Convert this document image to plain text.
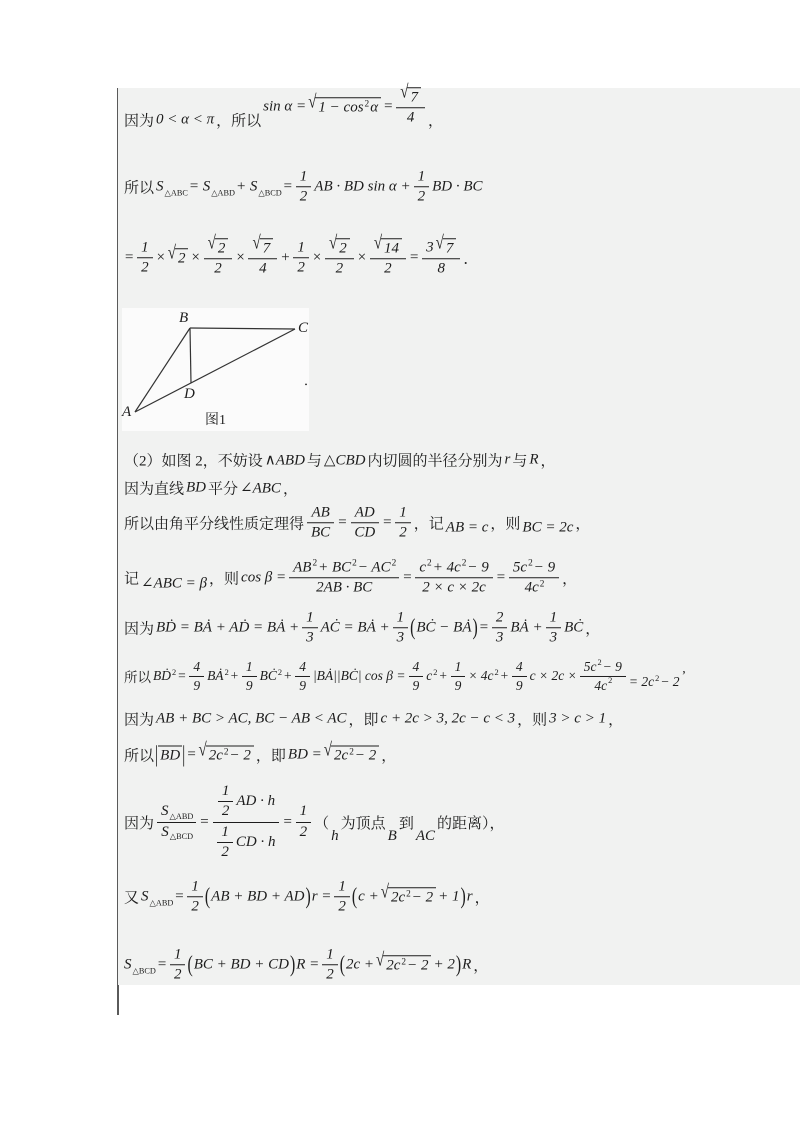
因为 0 < α < π ，所以
sin α = √ 1 − cos 2 $\alpha = \frac{√ 7}{4}$ ，
所以 S △ABC = S △ABD + S △BCD = $\frac{1}{2}$ AB · BD $\sin \alpha + \frac{1}{2}$ BD · BC
= $\frac{1}{2}$ × √ $2 \times \frac{√ 2}{2} \times \frac{√ 7}{4} + \frac{1}{2} \times \frac{√ 2}{2} \times \frac{√ 14}{2} = \frac{3 √ 7}{8}$ ．
A
B
C
D
图1
．
（2）如图 2，不妨设 ∧ABD 与 △CBD 内切圆的半径分别为 r 与 R ，
因为直线 BD 平分 ∠ABC ，
所以由角平分线性质定理得 $\frac{AB}{BC} = \frac{AD}{CD} = \frac{1}{2}$ ，记 AB = c ，则 BC = 2c ，
记 ∠ABC = β ，则 $\cos \beta = \frac{AB 2 + BC 2 - AC 2}{2AB \cdot BC} = \frac{c 2 + 4c 2 - 9}{2 \times c \times 2c} = \frac{5c 2 - 9}{4c 2}$ ，
因为 BḊ = BȦ + AḊ = BȦ + $\frac{1}{3}$ AĊ = BȦ + $\frac{1}{3}$ ( BĊ − BȦ ) = $\frac{2}{3}$ BȦ + $\frac{1}{3}$ BĊ ，
所以 BḊ $2 = \frac{4}{9}$ BȦ $2 + \frac{1}{9}$ BĊ $2 + \frac{4}{9}$ |BȦ||BĊ| $\cos \beta = \frac{4}{9}$ c $2 + \frac{1}{9} \times 4c$ $2 + \frac{4}{9}$ $c \times 2c \times \frac{5c 2 - 9}{4c 2} = 2c$ 2 − 2 ’
因为 AB + BC > AC, BC − AB < AC ，即 c + 2c > 3, 2c − c < 3 ，则 3 > c > 1 ，
所以 | BD | = √ 2c 2 − 2 ，即 BD = √ 2c 2 − 2 ，
因为 $\frac{\text{S △ABD}}{\text{S △BCD}} = \frac{\frac{1}{2} AD \cdot h}{\frac{1}{2} CD \cdot h} = \frac{1}{2}$ （
h
为顶点
B
到
AC
的距离），
又 S △ABD = $\frac{1}{2}$ ( AB + BD + AD ) $r = \frac{1}{2}$ ( c + √ 2c 2 − 2 + 1 ) r ，
S △BCD = $\frac{1}{2}$ ( BC + BD + CD ) $R = \frac{1}{2}$ ( 2c + √ 2c 2 − 2 + 2 ) R ，
